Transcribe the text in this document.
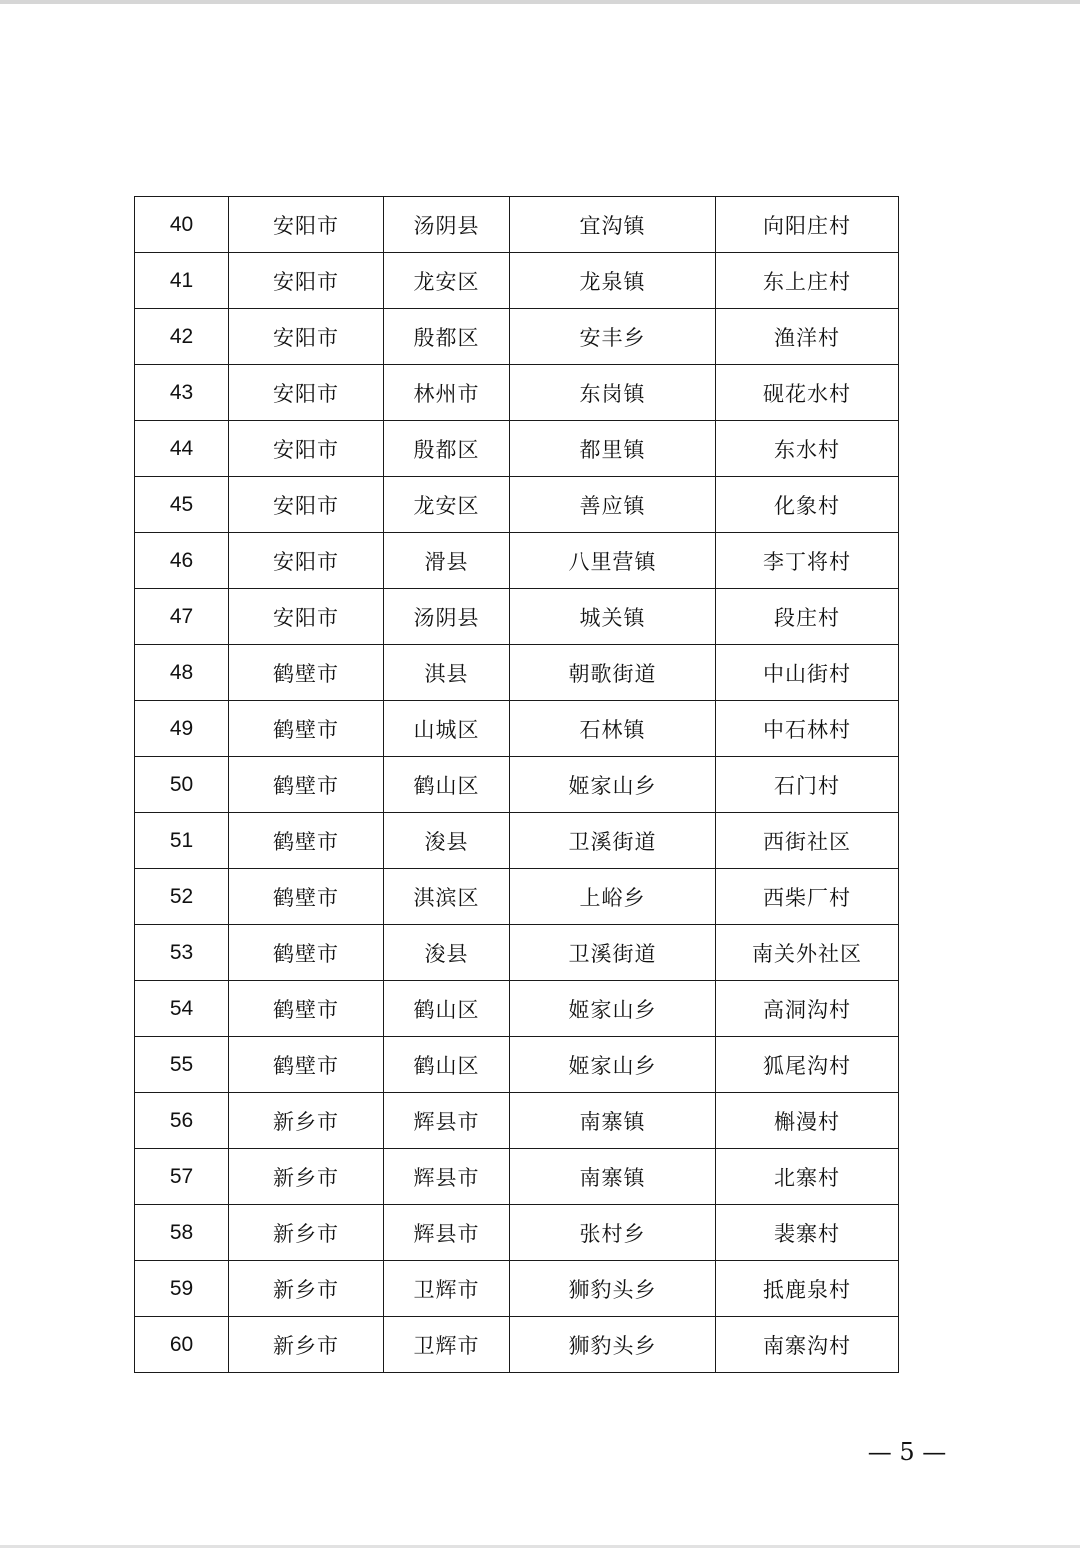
40	安阳市	汤阴县	宜沟镇	向阳庄村
41	安阳市	龙安区	龙泉镇	东上庄村
42	安阳市	殷都区	安丰乡	渔洋村
43	安阳市	林州市	东岗镇	砚花水村
44	安阳市	殷都区	都里镇	东水村
45	安阳市	龙安区	善应镇	化象村
46	安阳市	滑县	八里营镇	李丁将村
47	安阳市	汤阴县	城关镇	段庄村
48	鹤壁市	淇县	朝歌街道	中山街村
49	鹤壁市	山城区	石林镇	中石林村
50	鹤壁市	鹤山区	姬家山乡	石门村
51	鹤壁市	浚县	卫溪街道	西街社区
52	鹤壁市	淇滨区	上峪乡	西柴厂村
53	鹤壁市	浚县	卫溪街道	南关外社区
54	鹤壁市	鹤山区	姬家山乡	高洞沟村
55	鹤壁市	鹤山区	姬家山乡	狐尾沟村
56	新乡市	辉县市	南寨镇	槲漫村
57	新乡市	辉县市	南寨镇	北寨村
58	新乡市	辉县市	张村乡	裴寨村
59	新乡市	卫辉市	狮豹头乡	抵鹿泉村
60	新乡市	卫辉市	狮豹头乡	南寨沟村
— 5 —
